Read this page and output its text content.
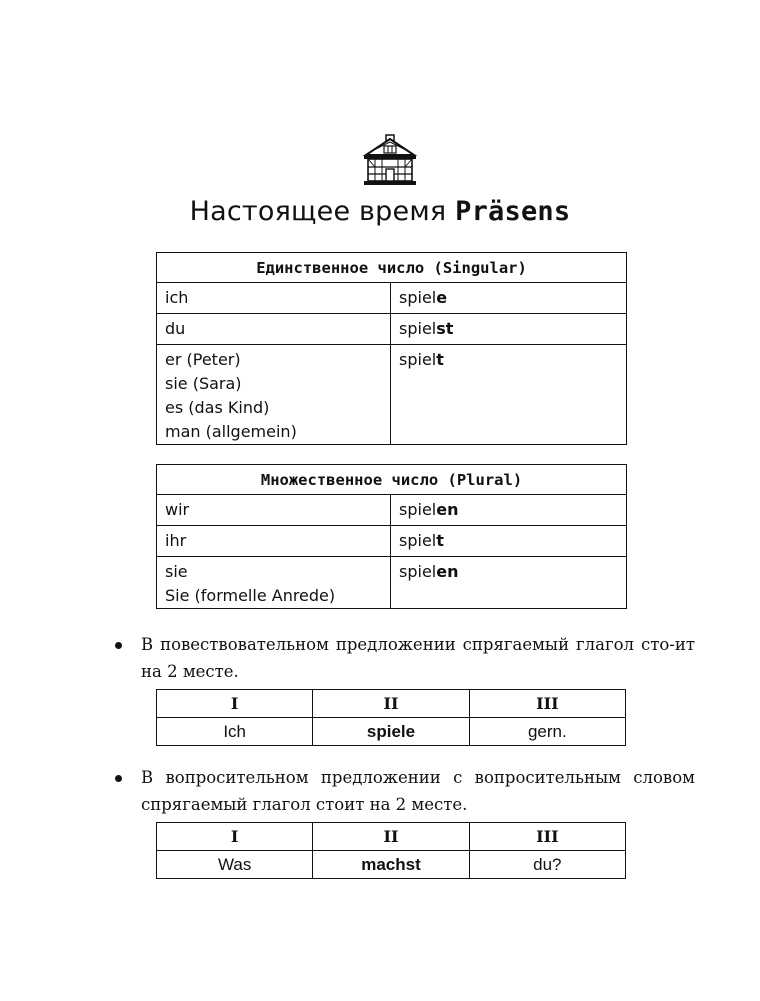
Настоящее время Präsens
Единственное число (Singular)	
ich	spiele
du	spielst

er (Peter)
sie (Sara)
es (das Kind)
man (allgemein)	spielt
Множественное число (Plural)	
wir	spielen
ihr	spielt

sie
Sie (formelle Anrede)	spielen
В повествовательном предложении спрягаемый глагол сто-ит на 2 месте.
I	II	III
Ich	spiele	gern.
В вопросительном предложении с вопросительным словом спрягаемый глагол стоит на 2 месте.
I	II	III
Was	machst	du?
